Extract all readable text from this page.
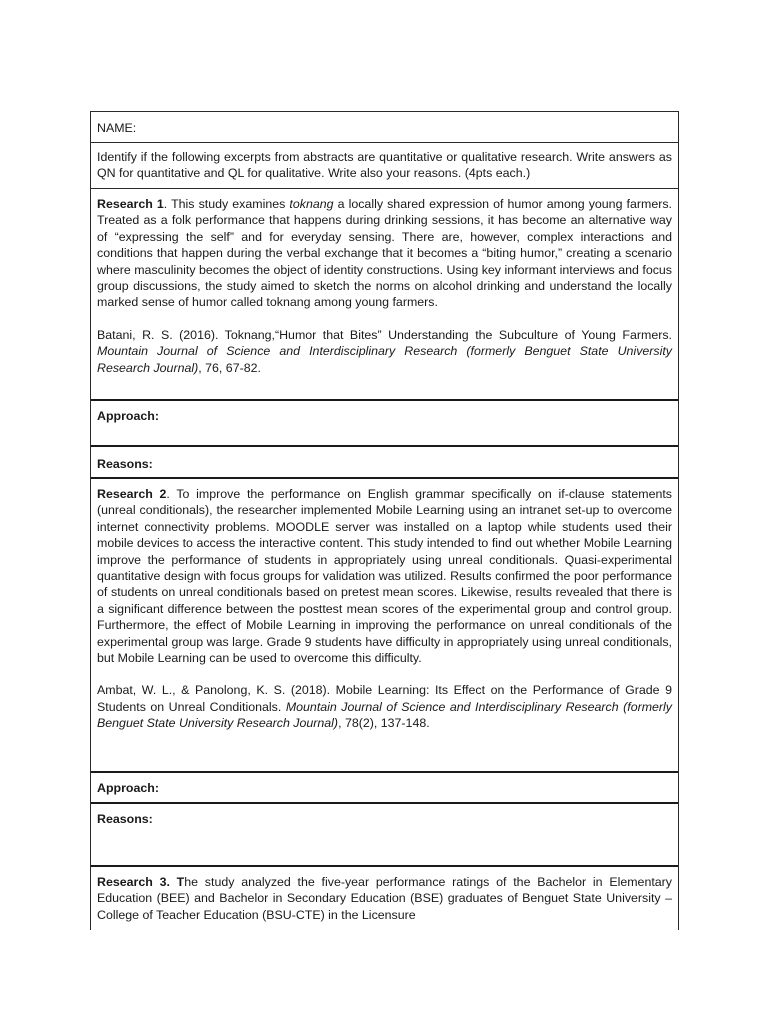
NAME:

Identify if the following excerpts from abstracts are quantitative or qualitative research. Write answers as QN for quantitative and QL for qualitative. Write also your reasons. (4pts each.)

Research 1. This study examines toknang a locally shared expression of humor among young farmers. Treated as a folk performance that happens during drinking sessions, it has become an alternative way of “expressing the self” and for everyday sensing. There are, however, complex interactions and conditions that happen during the verbal exchange that it becomes a “biting humor,” creating a scenario where masculinity becomes the object of identity constructions. Using key informant interviews and focus group discussions, the study aimed to sketch the norms on alcohol drinking and understand the locally marked sense of humor called toknang among young farmers.

Batani, R. S. (2016). Toknang,“Humor that Bites” Understanding the Subculture of Young Farmers. Mountain Journal of Science and Interdisciplinary Research (formerly Benguet State University Research Journal), 76, 67-82.

Approach:
Reasons:

Research 2. To improve the performance on English grammar specifically on if-clause statements (unreal conditionals), the researcher implemented Mobile Learning using an intranet set-up to overcome internet connectivity problems. MOODLE server was installed on a laptop while students used their mobile devices to access the interactive content. This study intended to find out whether Mobile Learning improve the performance of students in appropriately using unreal conditionals. Quasi-experimental quantitative design with focus groups for validation was utilized. Results confirmed the poor performance of students on unreal conditionals based on pretest mean scores. Likewise, results revealed that there is a significant difference between the posttest mean scores of the experimental group and control group. Furthermore, the effect of Mobile Learning in improving the performance on unreal conditionals of the experimental group was large. Grade 9 students have difficulty in appropriately using unreal conditionals, but Mobile Learning can be used to overcome this difficulty.

Ambat, W. L., & Panolong, K. S. (2018). Mobile Learning: Its Effect on the Performance of Grade 9 Students on Unreal Conditionals. Mountain Journal of Science and Interdisciplinary Research (formerly Benguet State University Research Journal), 78(2), 137-148.

Approach:
Reasons:

Research 3. The study analyzed the five-year performance ratings of the Bachelor in Elementary Education (BEE) and Bachelor in Secondary Education (BSE) graduates of Benguet State University – College of Teacher Education (BSU-CTE) in the Licensure
